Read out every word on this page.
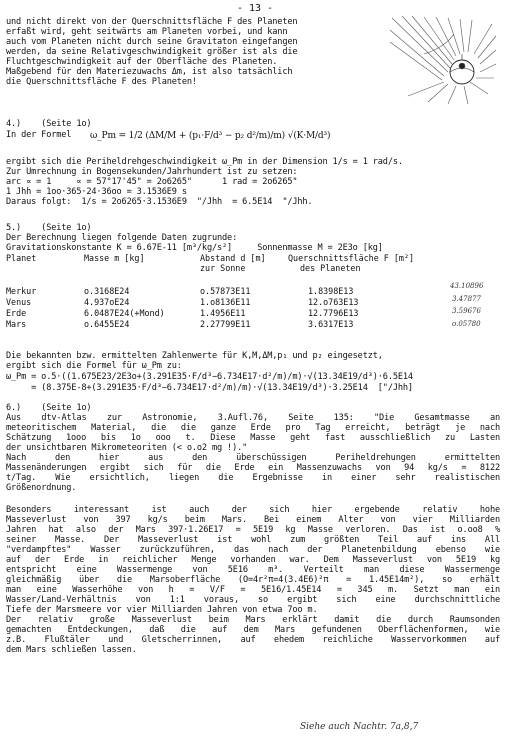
- 13 -
und nicht direkt von der Querschnittsfläche F des Planeten
erfaßt wird, geht seitwärts am Planeten vorbei, und kann
auch vom Planeten nicht durch seine Gravitaton eingefangen
werden, da seine Relativgeschwindigkeit größer ist als die
Fluchtgeschwindigkeit auf der Oberfläche des Planeten.
Maßgebend für den Materiezuwachs Δm, ist also tatsächlich
die Querschnittsfläche F des Planeten!
4.)    (Seite 1o)
In der Formel ω_Pm = 1/2 (ΔM/M + (p₁·F/d³ − p₂ d²/m)/m) √(K·M/d³)
ergibt sich die Periheldrehgeschwindigkeit ω_Pm in der Dimension 1/s = 1 rad/s.
Zur Umrechnung in Bogensekunden/Jahrhundert ist zu setzen:
arc ∝ = 1     ∝ = 57°17'45" = 2o6265"      1 rad = 2o6265"
1 Jhh = 1oo·365·24·36oo = 3.1536E9 s
Daraus folgt:  1/s = 2o6265·3.1536E9  "/Jhh  = 6.5E14  "/Jhh.
5.)    (Seite 1o)
Der Berechnung liegen folgende Daten zugrunde:
Gravitationskonstante K = 6.67E-11 [m³/kg/s²]     Sonnenmasse M = 2E3o [kg]
Planet	Masse m [kg]	Abstand d [m]
zur Sonne
Querschnittsfläche F [m²]
des Planeten
Merkur	o.3168E24	o.57873E11	1.8398E13	43.10896
Venus	4.937oE24	1.o8136E11	12.o763E13	3.47877
Erde	6.0487E24(+Mond)	1.4956E11	12.7796E13	3.59676
Mars	o.6455E24	2.27799E11	3.6317E13	o.05780
Die bekannten bzw. ermittelten Zahlenwerte für K,M,ΔM,p₁ und p₂ eingesetzt,
ergibt sich die Formel für ω_Pm zu:
ω_Pm = o.5·((1.675E23/2E3o+(3.291E35·F/d³−6.734E17·d²/m)/m)·√(13.34E19/d³)·6.5E14
= (8.375E-8+(3.291E35·F/d³−6.734E17·d²/m)/m)·√(13.34E19/d³)·3.25E14  ["/Jhh]
6.)    (Seite 1o)
Aus dtv-Atlas zur Astronomie, 3.Aufl.76, Seite 135: "Die Gesamtmasse an
meteoritischem Material, die die ganze Erde pro Tag erreicht, beträgt je nach
Schätzung 1ooo bis 1o ooo t. Diese Masse geht fast ausschließlich zu Lasten
der unsichtbaren Mikrometeoriten (< o.o2 mg !)."
Nach den hier aus den überschüssigen Periheldrehungen ermittelten
Massenänderungen ergibt sich für die Erde ein Massenzuwachs von 94 kg/s = 8122
t/Tag. Wie ersichtlich, liegen die Ergebnisse in einer sehr realistischen
Größenordnung.
Besonders interessant ist auch der sich hier ergebende relativ hohe
Masseverlust von 397 kg/s beim Mars. Bei einem Alter von vier Milliarden
Jahren hat also der Mars 397·1.26E17 = 5E19 kg Masse verloren. Das ist o.oo8 %
seiner Masse. Der Masseverlust ist wohl zum größten Teil auf ins All
"verdampftes" Wasser zurückzuführen, das nach der Planetenbildung ebenso wie
auf der Erde in reichlicher Menge vorhanden war. Dem Masseverlust von 5E19 kg
entspricht eine Wassermenge von 5E16 m³. Verteilt man diese Wassermenge
gleichmäßig über die Marsoberfläche (O=4r²π=4(3.4E6)²π = 1.45E14m²), so erhält
man eine Wasserhöhe von h = V/F = 5E16/1.45E14 = 345 m. Setzt man ein
Wasser/Land-Verhältnis von 1:1 voraus, so ergibt sich eine durchschnittliche
Tiefe der Marsmeere vor vier Milliarden Jahren von etwa 7oo m.
Der relativ große Masseverlust beim Mars erklärt damit die durch Raumsonden
gemachten Entdeckungen, daß die auf dem Mars gefundenen Oberflächenformen, wie
z.B. Flußtäler und Gletscherrinnen, auf ehedem reichliche Wasservorkommen auf
dem Mars schließen lassen.
Siehe auch Nachtr. 7a,8,7
